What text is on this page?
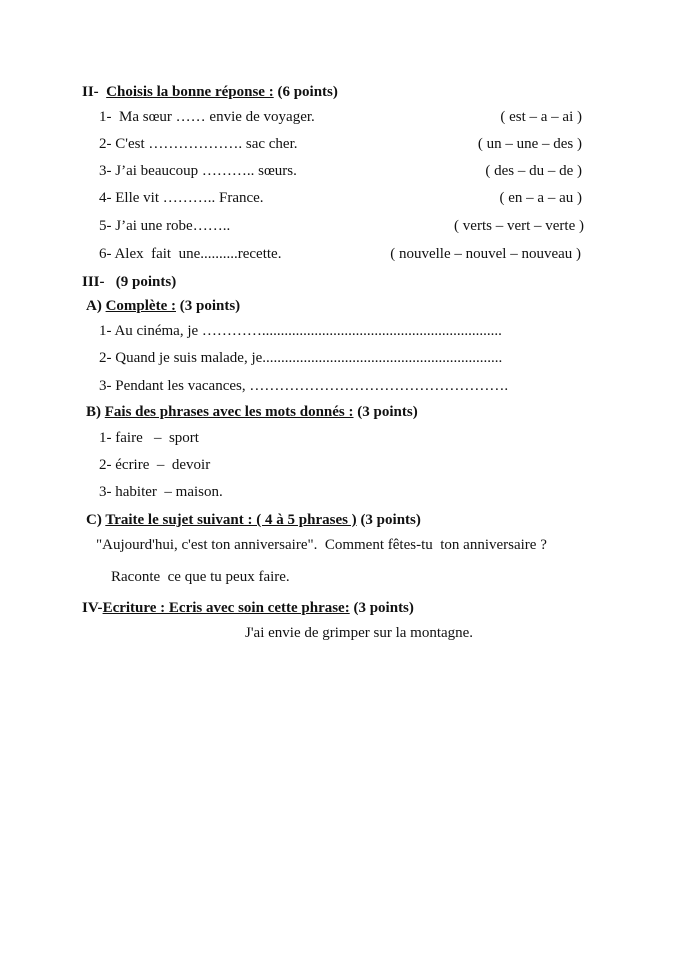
II- Choisis la bonne réponse : (6 points)
1-  Ma sœur …… envie de voyager.	( est – a – ai )
2- C'est ………………. sac cher.	( un – une – des )
3- J’ai beaucoup ……….. sœurs.	( des – du – de )
4- Elle vit ……….. France.	( en – a – au )
5- J’ai une robe……..	( verts – vert – verte )
6- Alex  fait  une..........recette.	( nouvelle – nouvel – nouveau )
III- (9 points)
A) Complète : (3 points)
1- Au cinéma, je …………................................................................
2- Quand je suis malade, je................................................................
3- Pendant les vacances, …………………………………………….
B) Fais des phrases avec les mots donnés : (3 points)
1- faire   –  sport
2- écrire  –  devoir
3- habiter  – maison.
C) Traite le sujet suivant : ( 4 à 5 phrases ) (3 points)
"Aujourd'hui, c'est ton anniversaire".  Comment fêtes-tu  ton anniversaire ?
Raconte  ce que tu peux faire.
IV-Ecriture : Ecris avec soin cette phrase: (3 points)
J'ai envie de grimper sur la montagne.
